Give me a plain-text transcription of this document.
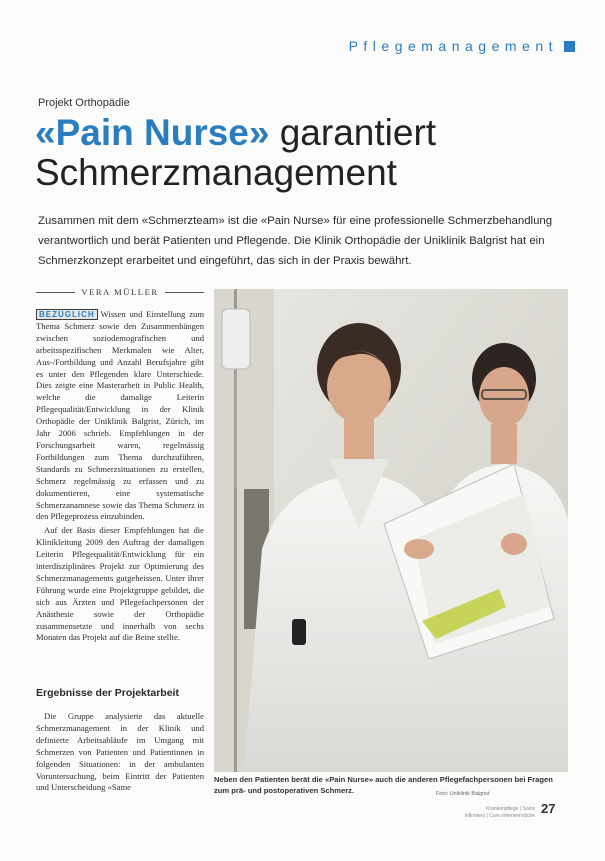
Pflegemanagement
Projekt Orthopädie
«Pain Nurse» garantiert Schmerzmanagement

Zusammen mit dem «Schmerzteam» ist die «Pain Nurse» für eine professionelle Schmerzbehandlung verantwortlich und berät Patienten und Pflegende. Die Klinik Orthopädie der Uniklinik Balgrist hat ein Schmerzkonzept erarbeitet und eingeführt, das sich in der Praxis bewährt.

VERA MÜLLER

BEZÜGLICH Wissen und Einstellung zum Thema Schmerz sowie den Zusammenhängen zwischen soziodemografischen und arbeitsspezifischen Merkmalen wie Alter, Aus-/Fortbildung und Anzahl Berufsjahre gibt es unter den Pflegenden klare Unterschiede. Dies zeigte eine Masterarbeit in Public Health, welche die damalige Leiterin Pflegequalität/Entwicklung in der Klinik Orthopädie der Uniklinik Balgrist, Zürich, im Jahr 2006 schrieb. Empfehlungen in der Forschungsarbeit waren, regelmässig Fortbildungen zum Thema durchzuführen, Standards zu Schmerzsituationen zu erstellen, Schmerz regelmässig zu erfassen und zu dokumentieren, eine systematische Schmerzanamnese sowie das Thema Schmerz in den Pflegeprozess einzubinden.

Auf der Basis dieser Empfehlungen hat die Klinikleitung 2009 den Auftrag der damaligen Leiterin Pflegequalität/Entwicklung für ein interdisziplinäres Projekt zur Optimierung des Schmerzmanagements gutgeheissen. Unter ihrer Führung wurde eine Projektgruppe gebildet, die sich aus Ärzten und Pflegefachpersonen der Anästhesie sowie der Orthopädie zusammensetzte und innerhalb von sechs Monaten das Projekt auf die Beine stellte.

Ergebnisse der Projektarbeit

Die Gruppe analysierte das aktuelle Schmerzmanagement in der Klinik und definierte Arbeitsabläufe im Umgang mit Schmerzen von Patienten und Patientinnen in folgenden Situationen: in der ambulanten Voruntersuchung, beim Eintritt der Patienten und Unterscheidung «Same

Neben den Patienten berät die «Pain Nurse» auch die anderen Pflegefachpersonen bei Fragen zum prä- und postoperativen Schmerz.	Foto: Uniklinik Balgrist
Krankenpflege | Soins
infirmiers | Cure infermieristiche 27
